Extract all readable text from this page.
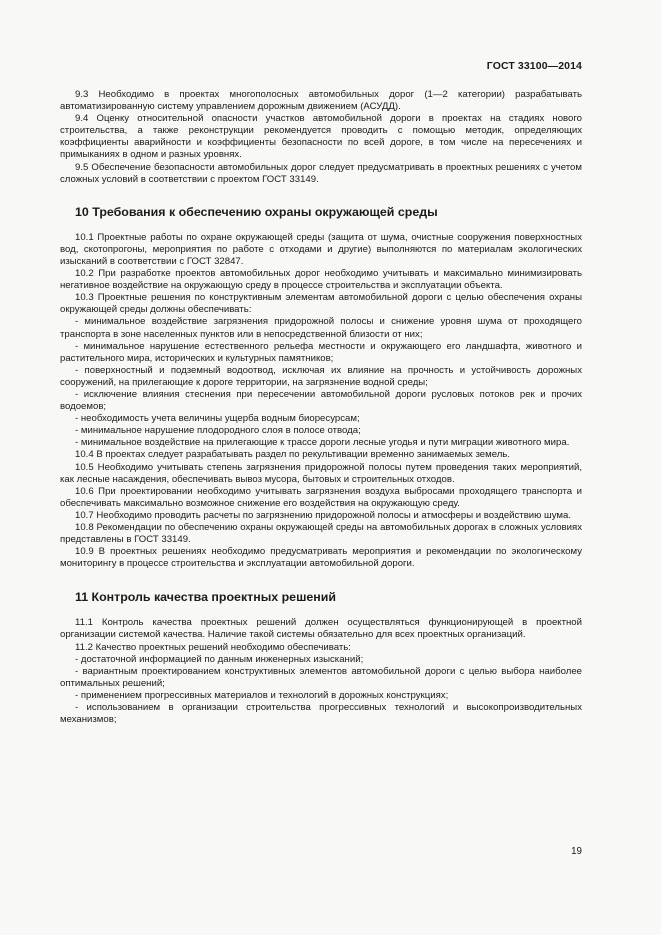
ГОСТ 33100—2014

9.3 Необходимо в проектах многополосных автомобильных дорог (1—2 категории) разрабатывать автоматизированную систему управлением дорожным движением (АСУДД).

9.4 Оценку относительной опасности участков автомобильной дороги в проектах на стадиях нового строительства, а также реконструкции рекомендуется проводить с помощью методик, определяющих коэффициенты аварийности и коэффициенты безопасности по всей дороге, в том числе на пересечениях и примыканиях в одном и разных уровнях.

9.5 Обеспечение безопасности автомобильных дорог следует предусматривать в проектных решениях с учетом сложных условий в соответствии с проектом ГОСТ 33149.

10 Требования к обеспечению охраны окружающей среды

10.1 Проектные работы по охране окружающей среды (защита от шума, очистные сооружения поверхностных вод, скотопрогоны, мероприятия по работе с отходами и другие) выполняются по материалам экологических изысканий в соответствии с ГОСТ 32847.

10.2 При разработке проектов автомобильных дорог необходимо учитывать и максимально минимизировать негативное воздействие на окружающую среду в процессе строительства и эксплуатации объекта.

10.3 Проектные решения по конструктивным элементам автомобильной дороги с целью обеспечения охраны окружающей среды должны обеспечивать:

- минимальное воздействие загрязнения придорожной полосы и снижение уровня шума от проходящего транспорта в зоне населенных пунктов или в непосредственной близости от них;

- минимальное нарушение естественного рельефа местности и окружающего его ландшафта, животного и растительного мира, исторических и культурных памятников;

- поверхностный и подземный водоотвод, исключая их влияние на прочность и устойчивость дорожных сооружений, на прилегающие к дороге территории, на загрязнение водной среды;

- исключение влияния стеснения при пересечении автомобильной дороги русловых потоков рек и прочих водоемов;

- необходимость учета величины ущерба водным биоресурсам;

- минимальное нарушение плодородного слоя в полосе отвода;

- минимальное воздействие на прилегающие к трассе дороги лесные угодья и пути миграции животного мира.

10.4 В проектах следует разрабатывать раздел по рекультивации временно занимаемых земель.

10.5 Необходимо учитывать степень загрязнения придорожной полосы путем проведения таких мероприятий, как лесные насаждения, обеспечивать вывоз мусора, бытовых и строительных отходов.

10.6 При проектировании необходимо учитывать загрязнения воздуха выбросами проходящего транспорта и обеспечивать максимально возможное снижение его воздействия на окружающую среду.

10.7 Необходимо проводить расчеты по загрязнению придорожной полосы и атмосферы и воздействию шума.

10.8 Рекомендации по обеспечению охраны окружающей среды на автомобильных дорогах в сложных условиях представлены в ГОСТ 33149.

10.9 В проектных решениях необходимо предусматривать мероприятия и рекомендации по экологическому мониторингу в процессе строительства и эксплуатации автомобильной дороги.

11 Контроль качества проектных решений

11.1 Контроль качества проектных решений должен осуществляться функционирующей в проектной организации системой качества. Наличие такой системы обязательно для всех проектных организаций.

11.2 Качество проектных решений необходимо обеспечивать:

- достаточной информацией по данным инженерных изысканий;

- вариантным проектированием конструктивных элементов автомобильной дороги с целью выбора наиболее оптимальных решений;

- применением прогрессивных материалов и технологий в дорожных конструкциях;

- использованием в организации строительства прогрессивных технологий и высокопроизводительных механизмов;

19
